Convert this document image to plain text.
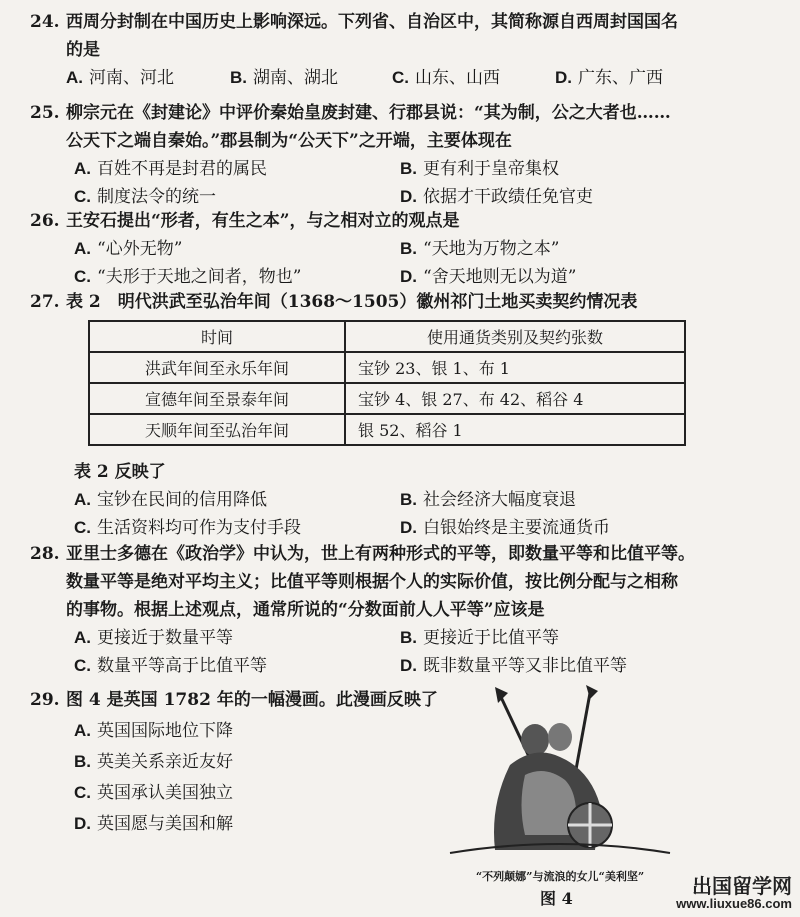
24. 西周分封制在中国历史上影响深远。下列省、自治区中，其简称源自西周封国国名
的是
A. 河南、河北	B. 湖南、湖北	C. 山东、山西	D. 广东、广西
25. 柳宗元在《封建论》中评价秦始皇废封建、行郡县说：“其为制，公之大者也……
公天下之端自秦始。”郡县制为“公天下”之开端，主要体现在
A. 百姓不再是封君的属民	B. 更有利于皇帝集权
C. 制度法令的统一	D. 依据才干政绩任免官吏
26. 王安石提出“形者，有生之本”，与之相对立的观点是
A. “心外无物”	B. “天地为万物之本”
C. “夫形于天地之间者，物也”	D. “舍天地则无以为道”
27. 表 2　明代洪武至弘治年间（1368～1505）徽州祁门土地买卖契约情况表
时间	使用通货类别及契约张数
洪武年间至永乐年间	宝钞 23、银 1、布 1
宣德年间至景泰年间	宝钞 4、银 27、布 42、稻谷 4
天顺年间至弘治年间	银 52、稻谷 1
表 2 反映了
A. 宝钞在民间的信用降低	B. 社会经济大幅度衰退
C. 生活资料均可作为支付手段	D. 白银始终是主要流通货币
28. 亚里士多德在《政治学》中认为，世上有两种形式的平等，即数量平等和比值平等。
数量平等是绝对平均主义；比值平等则根据个人的实际价值，按比例分配与之相称
的事物。根据上述观点，通常所说的“分数面前人人平等”应该是
A. 更接近于数量平等	B. 更接近于比值平等
C. 数量平等高于比值平等	D. 既非数量平等又非比值平等
29. 图 4 是英国 1782 年的一幅漫画。此漫画反映了
A. 英国国际地位下降
B. 英美关系亲近友好
C. 英国承认美国独立
D. 英国愿与美国和解
“不列颠娜”与流浪的女儿“美利坚”
图 4
出国留学网
www.liuxue86.com
